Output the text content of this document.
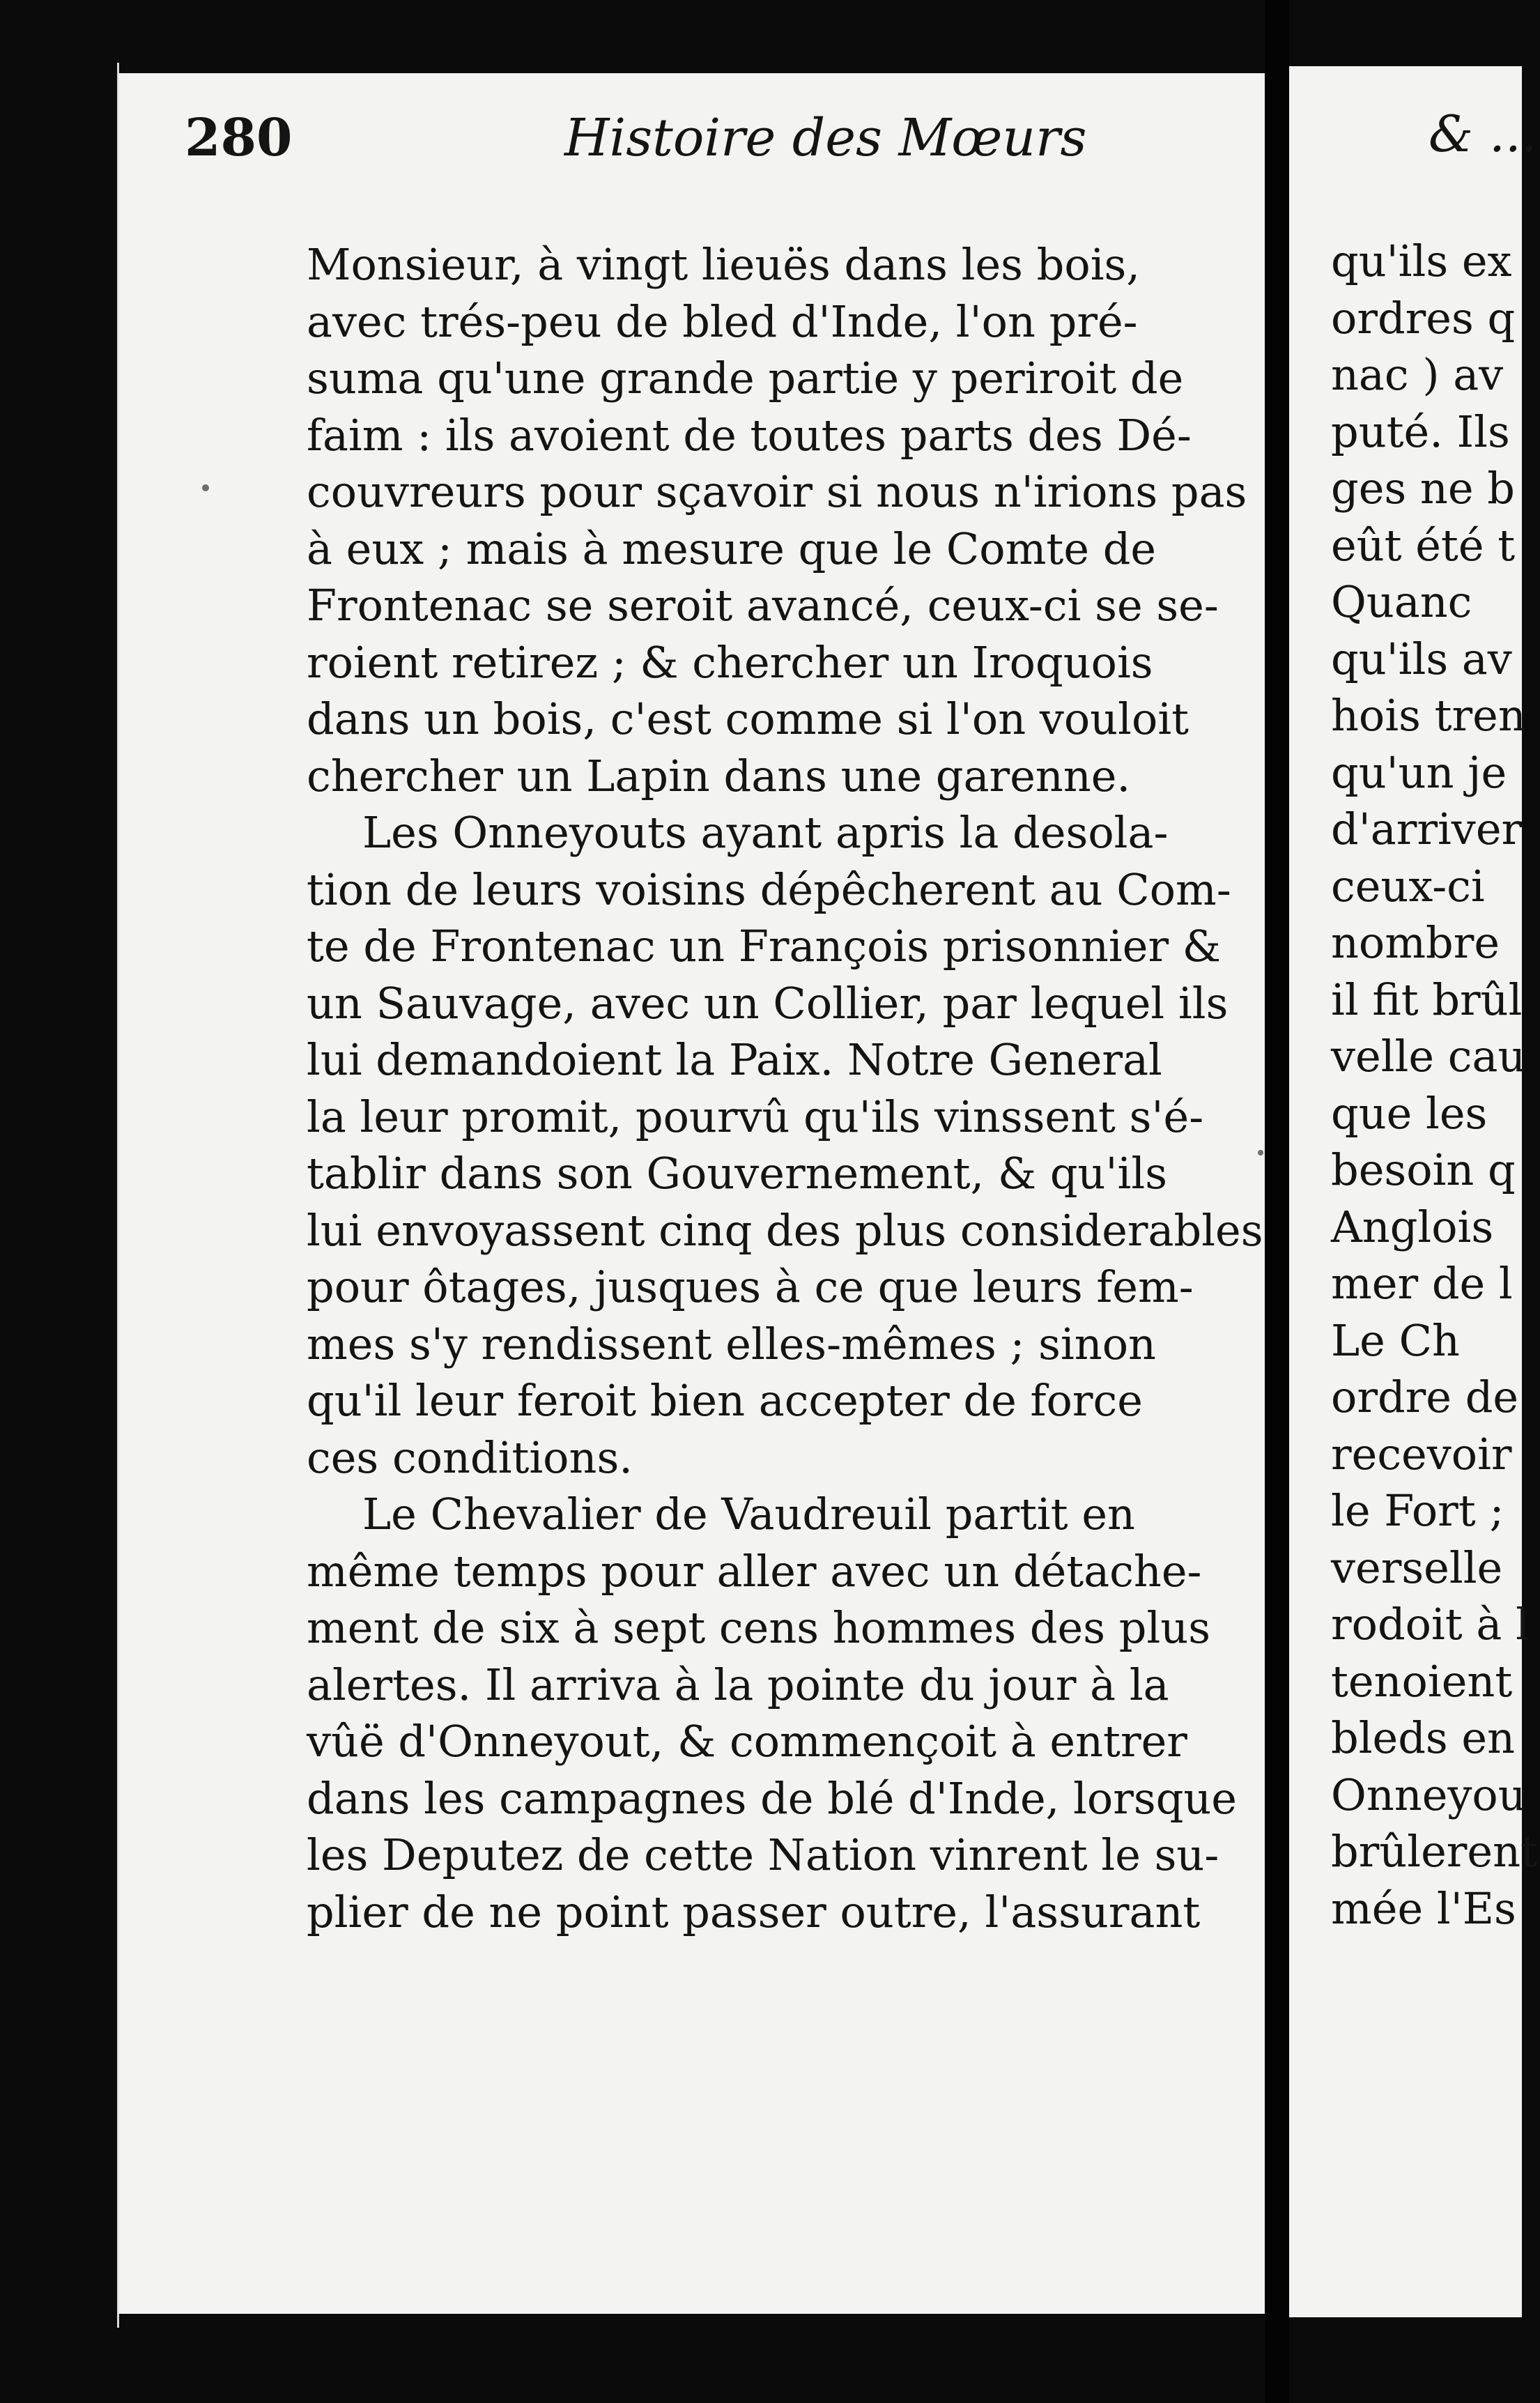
280	Histoire des Mœurs	& ...
Monsieur, à vingt lieuës dans les bois,
avec trés-peu de bled d'Inde, l'on pré-
suma qu'une grande partie y periroit de
faim : ils avoient de toutes parts des Dé-
couvreurs pour sçavoir si nous n'irions pas
à eux ; mais à mesure que le Comte de
Frontenac se seroit avancé, ceux-ci se se-
roient retirez ; & chercher un Iroquois
dans un bois, c'est comme si l'on vouloit
chercher un Lapin dans une garenne.
Les Onneyouts ayant apris la desola-
tion de leurs voisins dépêcherent au Com-
te de Frontenac un François prisonnier &
un Sauvage, avec un Collier, par lequel ils
lui demandoient la Paix. Notre General
la leur promit, pourvû qu'ils vinssent s'é-
tablir dans son Gouvernement, & qu'ils
lui envoyassent cinq des plus considerables
pour ôtages, jusques à ce que leurs fem-
mes s'y rendissent elles-mêmes ; sinon
qu'il leur feroit bien accepter de force
ces conditions.
Le Chevalier de Vaudreuil partit en
même temps pour aller avec un détache-
ment de six à sept cens hommes des plus
alertes. Il arriva à la pointe du jour à la
vûë d'Onneyout, & commençoit à entrer
dans les campagnes de blé d'Inde, lorsque
les Deputez de cette Nation vinrent le su-
plier de ne point passer outre, l'assurant
qu'ils ex
ordres q
nac ) av
puté. Ils
ges ne b
eût été t
Quanc
qu'ils av
hois tren
qu'un je
d'arriver
ceux-ci
nombre
il fit brûl
velle cau
que les
besoin q
Anglois
mer de l
Le Ch
ordre de
recevoir
le Fort ;
verselle
rodoit à l
tenoient
bleds en
Onneyou
brûlerent
mée l'Es
